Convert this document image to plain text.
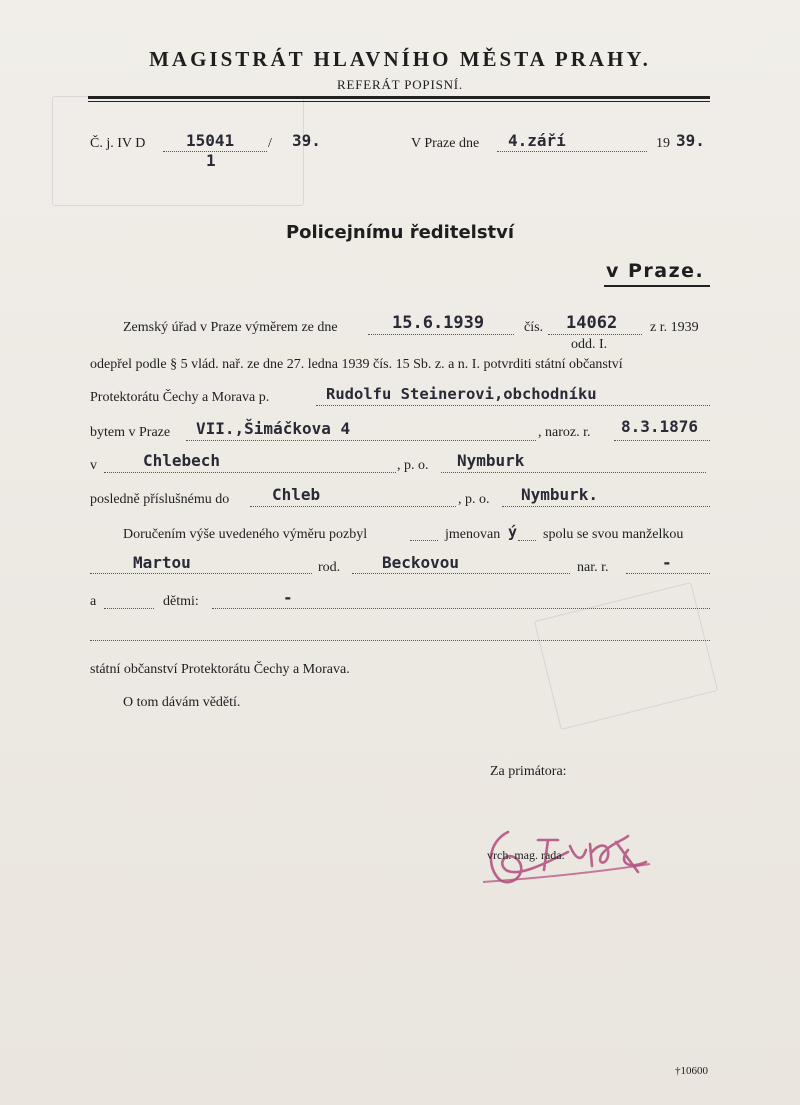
MAGISTRÁT HLAVNÍHO MĚSTA PRAHY.
REFERÁT POPISNÍ.
Č. j. IV D	15041
1
/ 39.	V Praze dne 4.září	19 39.
Policejnímu ředitelství
v Praze.
Zemský úřad v Praze výměrem ze dne	15.6.1939	čís. 14062 z r. 1939
odd. I.
odepřel podle § 5 vlád. nař. ze dne 27. ledna 1939 čís. 15 Sb. z. a n. I. potvrditi státní občanství
Protektorátu Čechy a Morava p.	Rudolfu Steinerovi,obchodníku
bytem v Praze VII.,Šimáčkova 4	, naroz. r. 8.3.1876
v	Chlebech	, p. o. Nymburk
posledně příslušnému do	Chleb	, p. o. Nymburk.
Doručením výše uvedeného výměru pozbyl	jmenovan ý spolu se svou manželkou
Martou	rod.	Beckovou	nar. r.	-
a	dětmi:	-
státní občanství Protektorátu Čechy a Morava.
O tom dávám vědětí.
Za primátora:
vrch. mag. rada.
†10600
